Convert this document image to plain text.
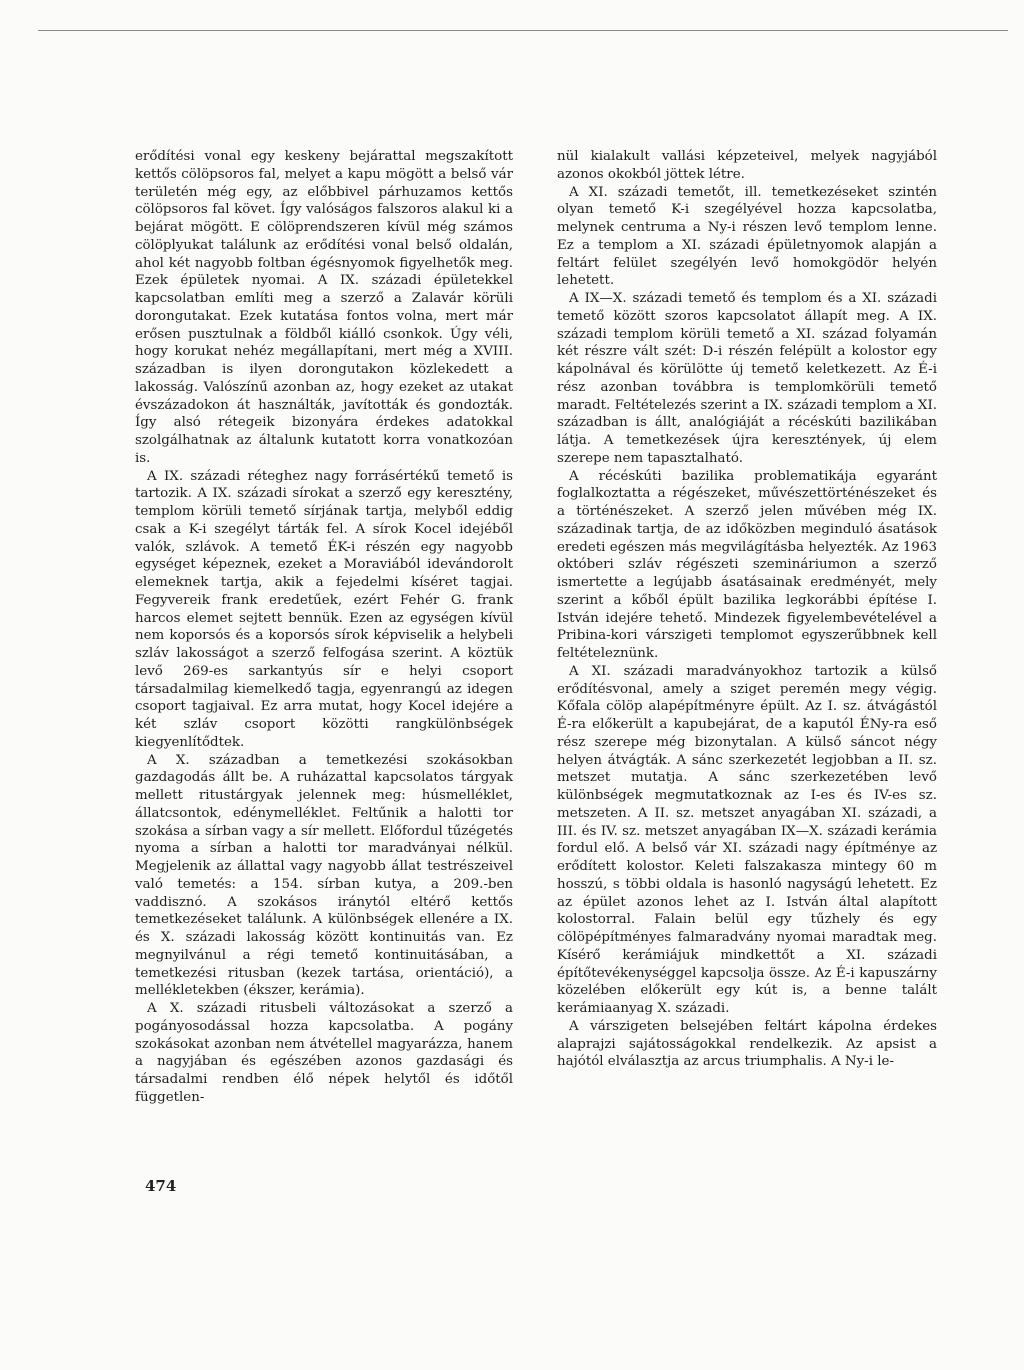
erődítési vonal egy keskeny bejárattal megszakított kettős cölöpsoros fal, melyet a kapu mögött a belső vár területén még egy, az előbbivel párhuzamos kettős cölöpsoros fal követ. Így valóságos falszoros alakul ki a bejárat mögött. E cölöprendszeren kívül még számos cölöplyukat találunk az erődítési vonal belső oldalán, ahol két nagyobb foltban égésnyomok figyelhetők meg. Ezek épületek nyomai. A IX. századi épületekkel kapcsolatban említi meg a szerző a Zalavár körüli dorongutakat. Ezek kutatása fontos volna, mert már erősen pusztulnak a földből kiálló csonkok. Úgy véli, hogy korukat nehéz megállapítani, mert még a XVIII. században is ilyen dorongutakon közlekedett a lakosság. Valószínű azonban az, hogy ezeket az utakat évszázadokon át használták, javították és gondozták. Így alsó rétegeik bizonyára érdekes adatokkal szolgálhatnak az általunk kutatott korra vonatkozóan is.

A IX. századi réteghez nagy forrásértékű temető is tartozik. A IX. századi sírokat a szerző egy keresztény, templom körüli temető sírjának tartja, melyből eddig csak a K-i szegélyt tárták fel. A sírok Kocel idejéből valók, szlávok. A temető ÉK-i részén egy nagyobb egységet képeznek, ezeket a Moraviából idevándorolt elemeknek tartja, akik a fejedelmi kíséret tagjai. Fegyvereik frank eredetűek, ezért Fehér G. frank harcos elemet sejtett bennük. Ezen az egységen kívül nem koporsós és a koporsós sírok képviselik a helybeli szláv lakosságot a szerző felfogása szerint. A köztük levő 269-es sarkantyús sír e helyi csoport társadalmilag kiemelkedő tagja, egyenrangú az idegen csoport tagjaival. Ez arra mutat, hogy Kocel idejére a két szláv csoport közötti rangkülönbségek kiegyenlítődtek.

A X. században a temetkezési szokásokban gazdagodás állt be. A ruházattal kapcsolatos tárgyak mellett ritustárgyak jelennek meg: húsmelléklet, állatcsontok, edénymelléklet. Feltűnik a halotti tor szokása a sírban vagy a sír mellett. Előfordul tűzégetés nyoma a sírban a halotti tor maradványai nélkül. Megjelenik az állattal vagy nagyobb állat testrészeivel való temetés: a 154. sírban kutya, a 209.-ben vaddisznó. A szokásos iránytól eltérő kettős temetkezéseket találunk. A különbségek ellenére a IX. és X. századi lakosság között kontinuitás van. Ez megnyilvánul a régi temető kontinuitásában, a temetkezési ritusban (kezek tartása, orientáció), a mellékletekben (ékszer, kerámia).

A X. századi ritusbeli változásokat a szerző a pogányosodással hozza kapcsolatba. A pogány szokásokat azonban nem átvétellel magyarázza, hanem a nagyjában és egészében azonos gazdasági és társadalmi rendben élő népek helytől és időtől független-

nül kialakult vallási képzeteivel, melyek nagyjából azonos okokból jöttek létre.

A XI. századi temetőt, ill. temetkezéseket szintén olyan temető K-i szegélyével hozza kapcsolatba, melynek centruma a Ny-i részen levő templom lenne. Ez a templom a XI. századi épületnyomok alapján a feltárt felület szegélyén levő homokgödör helyén lehetett.

A IX—X. századi temető és templom és a XI. századi temető között szoros kapcsolatot állapít meg. A IX. századi templom körüli temető a XI. század folyamán két részre vált szét: D-i részén felépült a kolostor egy kápolnával és körülötte új temető keletkezett. Az É-i rész azonban továbbra is templomkörüli temető maradt. Feltételezés szerint a IX. századi templom a XI. században is állt, analógiáját a récéskúti bazilikában látja. A temetkezések újra keresztények, új elem szerepe nem tapasztalható.

A récéskúti bazilika problematikája egyaránt foglalkoztatta a régészeket, művészettörténészeket és a történészeket. A szerző jelen művében még IX. századinak tartja, de az időközben meginduló ásatások eredeti egészen más megvilágításba helyezték. Az 1963 októberi szláv régészeti szemináriumon a szerző ismertette a legújabb ásatásainak eredményét, mely szerint a kőből épült bazilika legkorábbi építése I. István idejére tehető. Mindezek figyelembevételével a Pribina-kori várszigeti templomot egyszerűbbnek kell feltételeznünk.

A XI. századi maradványokhoz tartozik a külső erődítésvonal, amely a sziget peremén megy végig. Kőfala cölöp alapépítményre épült. Az I. sz. átvágástól É-ra előkerült a kapubejárat, de a kaputól ÉNy-ra eső rész szerepe még bizonytalan. A külső sáncot négy helyen átvágták. A sánc szerkezetét legjobban a II. sz. metszet mutatja. A sánc szerkezetében levő különbségek megmutatkoznak az I-es és IV-es sz. metszeten. A II. sz. metszet anyagában XI. századi, a III. és IV. sz. metszet anyagában IX—X. századi kerámia fordul elő. A belső vár XI. századi nagy építménye az erődített kolostor. Keleti falszakasza mintegy 60 m hosszú, s többi oldala is hasonló nagyságú lehetett. Ez az épület azonos lehet az I. István által alapított kolostorral. Falain belül egy tűzhely és egy cölöpépítményes falmaradvány nyomai maradtak meg. Kísérő kerámiájuk mindkettőt a XI. századi építőtevékenységgel kapcsolja össze. Az É-i kapuszárny közelében előkerült egy kút is, a benne talált kerámiaanyag X. századi.

A várszigeten belsejében feltárt kápolna érdekes alaprajzi sajátosságokkal rendelkezik. Az apsist a hajótól elválasztja az arcus triumphalis. A Ny-i le-

474
